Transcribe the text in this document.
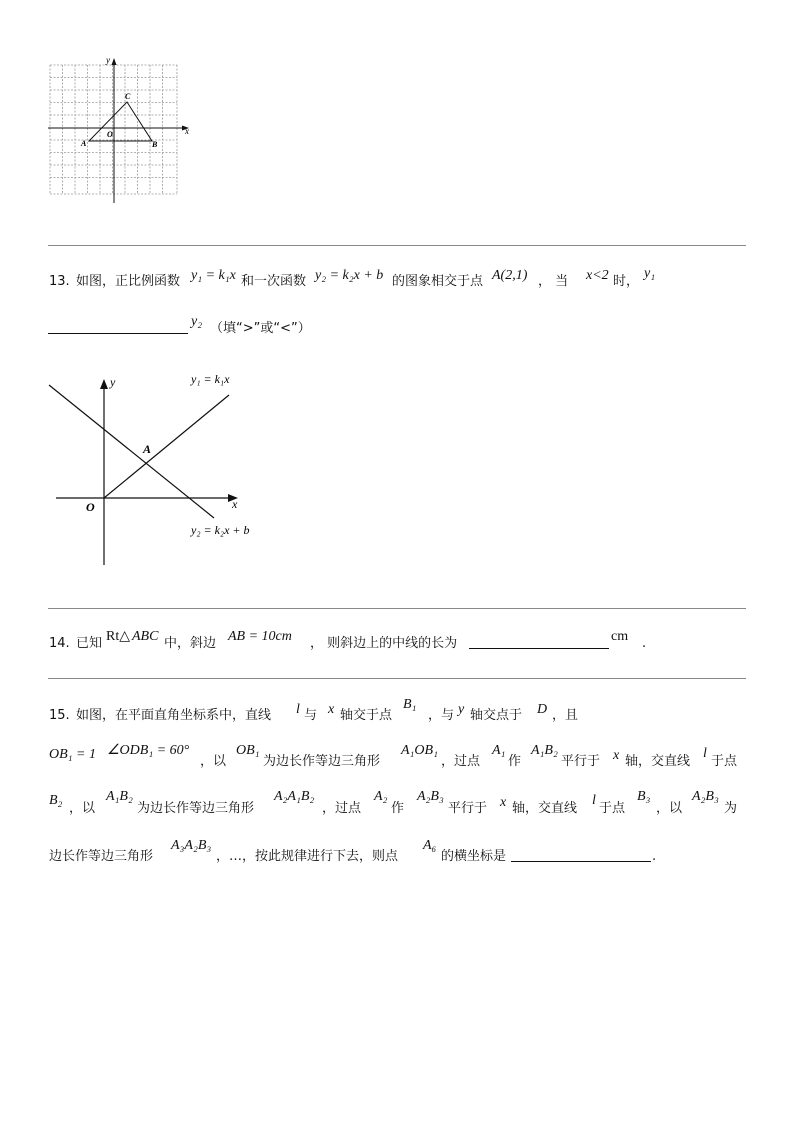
x
y
O
A	B
C
13. 如图，正比例函数 y₁ = k₁x 和一次函数 y₂ = k₂x + b 的图象相交于点 A(2,1) ， 当 x<2 时，
y₁
y₂ （填“>”或“<”）
y
x
O
A
y₁ = k₁x
y₂ = k₂x + b
14. 已知 Rt△ ABC 中，斜边 AB = 10cm ， 则斜边上的中线的长为	cm .
15. 如图，在平面直角坐标系中，直线 l 与 x 轴交于点
B₁
，与 y 轴交点于 D ，且
OB₁ = 1 ∠ODB₁ = 60°
，以
OB₁
为边长作等边三角形
A₁OB₁
，过点
A₁
作
A₁B₂
平行于 x 轴，交直线
l
于点
B₂
，以
A₁B₂
为边长作等边三角形
A₂A₁B₂
，过点
A₂
作
A₂B₃
平行于 x 轴，交直线
l
于点
B₃
，以
A₂B₃
为
边长作等边三角形
A₃A₂B₃
，…，按此规律进行下去，则点
A₆
的横坐标是	.
